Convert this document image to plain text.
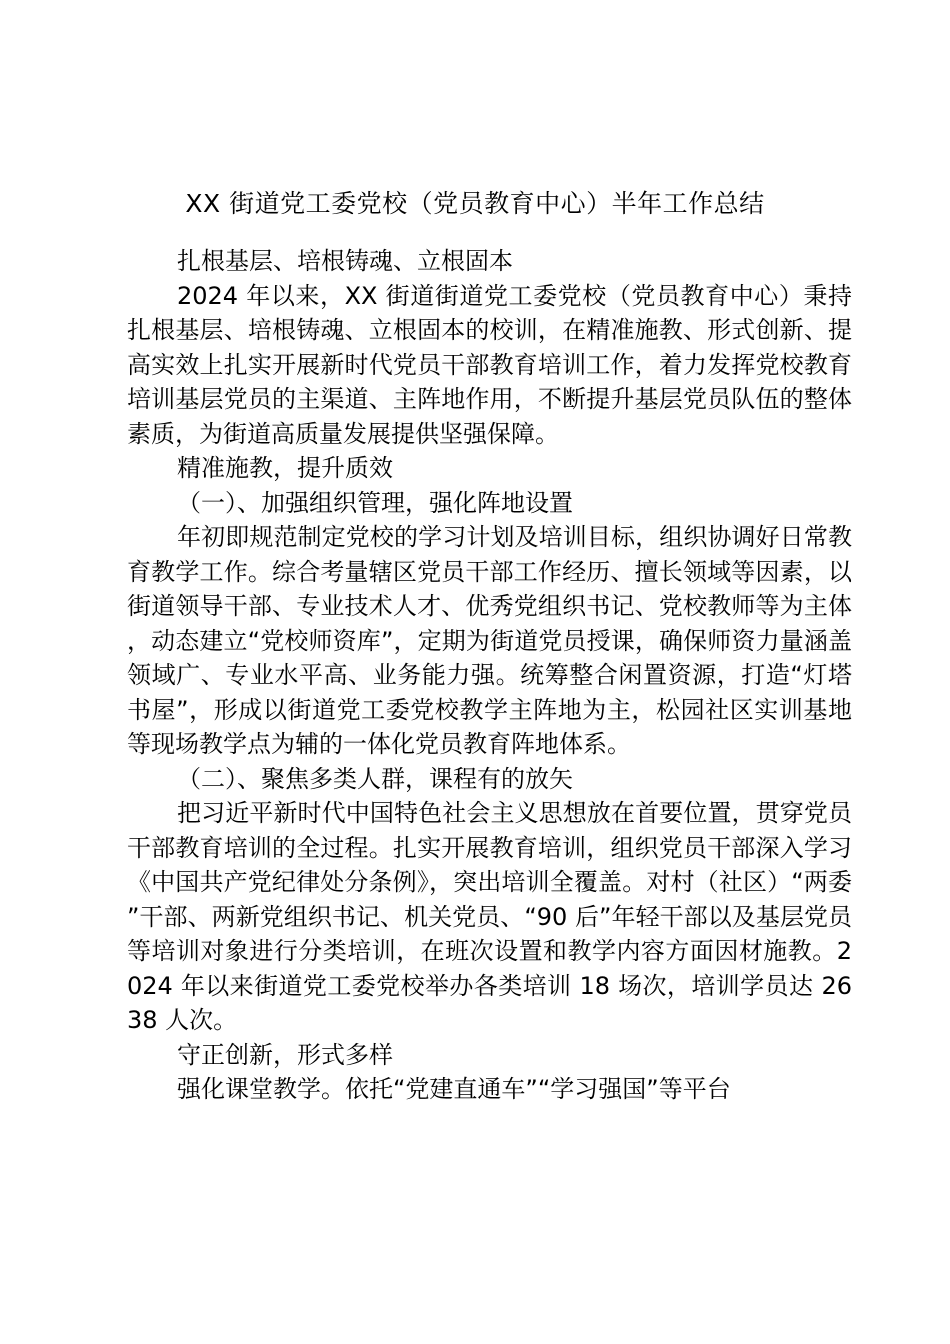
XX 街道党工委党校（党员教育中心）半年工作总结

扎根基层、培根铸魂、立根固本

2024 年以来，XX 街道街道党工委党校（党员教育中心）秉持扎根基层、培根铸魂、立根固本的校训，在精准施教、形式创新、提高实效上扎实开展新时代党员干部教育培训工作，着力发挥党校教育培训基层党员的主渠道、主阵地作用，不断提升基层党员队伍的整体素质，为街道高质量发展提供坚强保障。

精准施教，提升质效

（一）、加强组织管理，强化阵地设置

年初即规范制定党校的学习计划及培训目标，组织协调好日常教育教学工作。综合考量辖区党员干部工作经历、擅长领域等因素，以街道领导干部、专业技术人才、优秀党组织书记、党校教师等为主体，动态建立“党校师资库”，定期为街道党员授课，确保师资力量涵盖领域广、专业水平高、业务能力强。统筹整合闲置资源，打造“灯塔书屋”，形成以街道党工委党校教学主阵地为主，松园社区实训基地等现场教学点为辅的一体化党员教育阵地体系。

（二）、聚焦多类人群，课程有的放矢

把习近平新时代中国特色社会主义思想放在首要位置，贯穿党员干部教育培训的全过程。扎实开展教育培训，组织党员干部深入学习《中国共产党纪律处分条例》，突出培训全覆盖。对村（社区）“两委”干部、两新党组织书记、机关党员、“90 后”年轻干部以及基层党员等培训对象进行分类培训，在班次设置和教学内容方面因材施教。2024 年以来街道党工委党校举办各类培训 18 场次，培训学员达 2638 人次。

守正创新，形式多样

强化课堂教学。依托“党建直通车”“学习强国”等平台
